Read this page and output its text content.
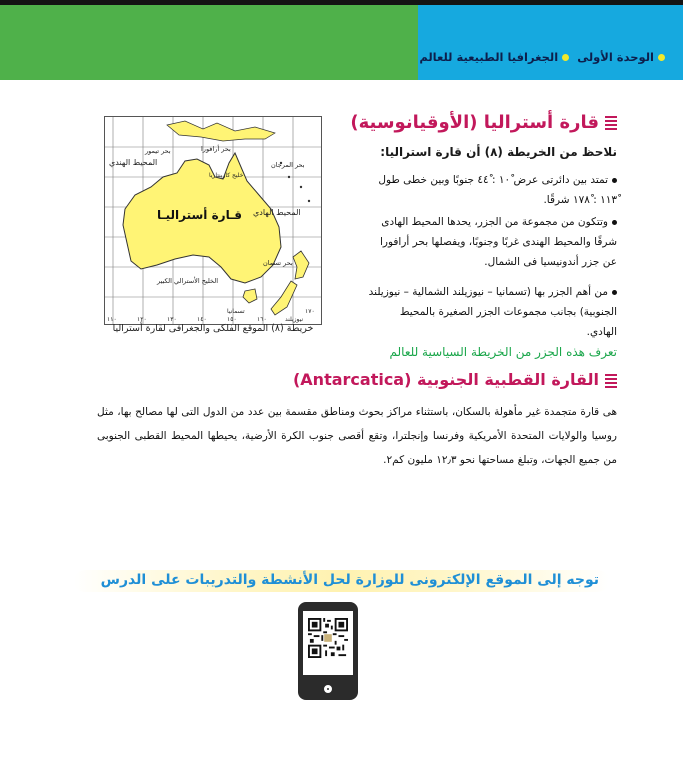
الوحدة الأولى الجغرافيا الطبيعية للعالم
المحيط الهندي
بحر تيمور	بحر أرافورا
خليج كاربنتاريا
بحر المرجان
قـارة أستراليـا المحيط الهادي
الخليج الأسترالي الكبير
بحر تسمان
تسمانيا
نيوزيلند
١١٠	١٢٠	١٣٠	١٤٠	١٥٠	١٦٠
١٧٠
خريطة (٨) الموقع الفلكى والجغرافى لقارة أستراليا
قارة أستراليا (الأوقيانوسية)
نلاحظ من الخريطة (٨) أن قارة استراليا:
تمتد بين دائرتى عرض ١٠ْ : ٤٤ْ جنوبًا وبين خطى طول ١١٣ْ : ١٧٨ْ شرقًا.
وتتكون من مجموعة من الجزر، يحدها المحيط الهادى شرقًا والمحيط الهندى غربًا وجنوبًا، ويفصلها بحر أرافورا عن جزر أندونيسيا فى الشمال.
من أهم الجزر بها (تسمانيا – نيوزيلند الشمالية – نيوزيلند الجنوبية) بجانب مجموعات الجزر الصغيرة بالمحيط الهادي.
تعرف هذه الجزر من الخريطة السياسية للعالم
القارة القطبية الجنوبية (Antarcatica)
هى قارة متجمدة غير مأهولة بالسكان، باستثناء مراكز بحوث ومناطق مقسمة بين عدد من الدول التى لها مصالح بها، مثل روسيا والولايات المتحدة الأمريكية وفرنسا وإنجلترا، وتقع أقصى جنوب الكرة الأرضية، يحيطها المحيط القطبى الجنوبى من جميع الجهات، وتبلغ مساحتها نحو ١٢٫٣ مليون كم٢.
توجه إلى الموقع الإلكترونى للوزارة لحل الأنشطة والتدريبات على الدرس
